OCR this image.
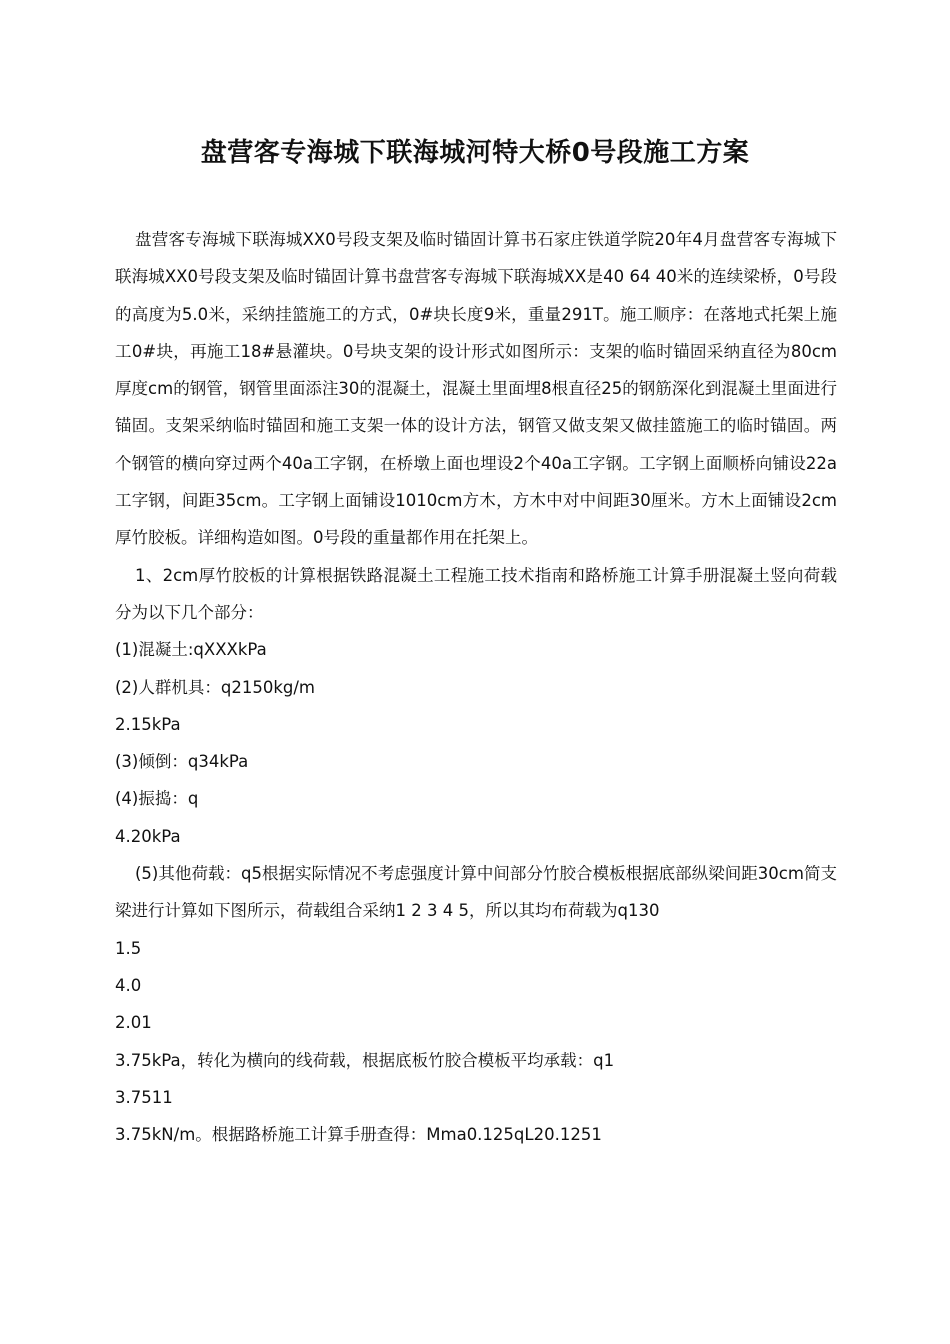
盘营客专海城下联海城河特大桥0号段施工方案

盘营客专海城下联海城XX0号段支架及临时锚固计算书石家庄铁道学院20年4月盘营客专海城下联海城XX0号段支架及临时锚固计算书盘营客专海城下联海城XX是40 64 40米的连续梁桥，0号段的高度为5.0米，采纳挂篮施工的方式，0#块长度9米，重量291T。施工顺序：在落地式托架上施工0#块，再施工18#悬灌块。0号块支架的设计形式如图所示：支架的临时锚固采纳直径为80cm厚度cm的钢管，钢管里面添注30的混凝土，混凝土里面埋8根直径25的钢筋深化到混凝土里面进行锚固。支架采纳临时锚固和施工支架一体的设计方法，钢管又做支架又做挂篮施工的临时锚固。两个钢管的横向穿过两个40a工字钢，在桥墩上面也埋设2个40a工字钢。工字钢上面顺桥向铺设22a工字钢，间距35cm。工字钢上面铺设1010cm方木，方木中对中间距30厘米。方木上面铺设2cm厚竹胶板。详细构造如图。0号段的重量都作用在托架上。

1、2cm厚竹胶板的计算根据铁路混凝土工程施工技术指南和路桥施工计算手册混凝土竖向荷载分为以下几个部分：

(1)混凝土:qXXXkPa

(2)人群机具：q2150kg/m

2.15kPa

(3)倾倒：q34kPa

(4)振捣：q

4.20kPa

(5)其他荷载：q5根据实际情况不考虑强度计算中间部分竹胶合模板根据底部纵梁间距30cm简支梁进行计算如下图所示，荷载组合采纳1 2 3 4 5，所以其均布荷载为q130

1.5

4.0

2.01

3.75kPa，转化为横向的线荷载，根据底板竹胶合模板平均承载：q1

3.7511

3.75kN/m。根据路桥施工计算手册查得：Mma0.125qL20.1251
